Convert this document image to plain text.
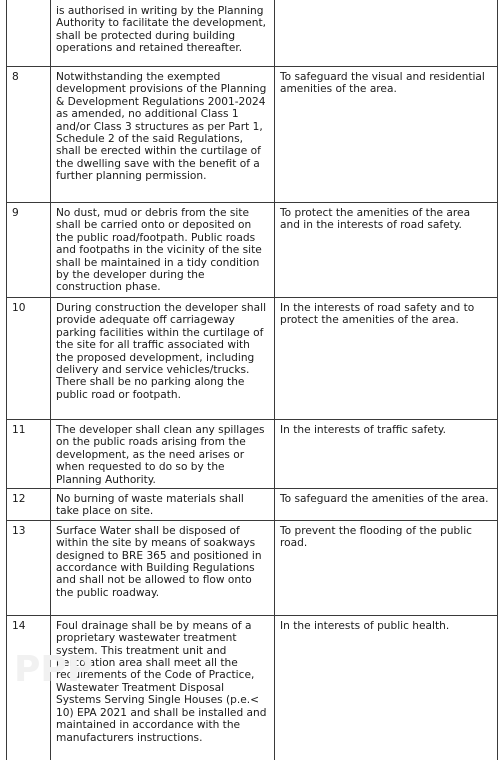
	is authorised in writing by the Planning Authority to facilitate the development, shall be protected during building operations and retained thereafter.	
8	Notwithstanding the exempted development provisions of the Planning & Development Regulations 2001-2024 as amended, no additional Class 1 and/or Class 3 structures as per Part 1, Schedule 2 of the said Regulations, shall be erected within the curtilage of the dwelling save with the benefit of a further planning permission.	To safeguard the visual and residential amenities of the area.
9	No dust, mud or debris from the site shall be carried onto or deposited on the public road/footpath. Public roads and footpaths in the vicinity of the site shall be maintained in a tidy condition by the developer during the construction phase.	To protect the amenities of the area and in the interests of road safety.
10	During construction the developer shall provide adequate off carriageway parking facilities within the curtilage of the site for all traffic associated with the proposed development, including delivery and service vehicles/trucks. There shall be no parking along the public road or footpath.	In the interests of road safety and to protect the amenities of the area.
11	The developer shall clean any spillages on the public roads arising from the development, as the need arises or when requested to do so by the Planning Authority.	In the interests of traffic safety.
12	No burning of waste materials shall take place on site.	To safeguard the amenities of the area.
13	Surface Water shall be disposed of within the site by means of soakways designed to BRE 365 and positioned in accordance with Building Regulations and shall not be allowed to flow onto the public roadway.	To prevent the flooding of the public road.
14	Foul drainage shall be by means of a proprietary wastewater treatment system. This treatment unit and percolation area shall meet all the requirements of the Code of Practice, Wastewater Treatment Disposal Systems Serving Single Houses (p.e.< 10) EPA 2021 and shall be installed and maintained in accordance with the manufacturers instructions.	In the interests of public health.
PPP
